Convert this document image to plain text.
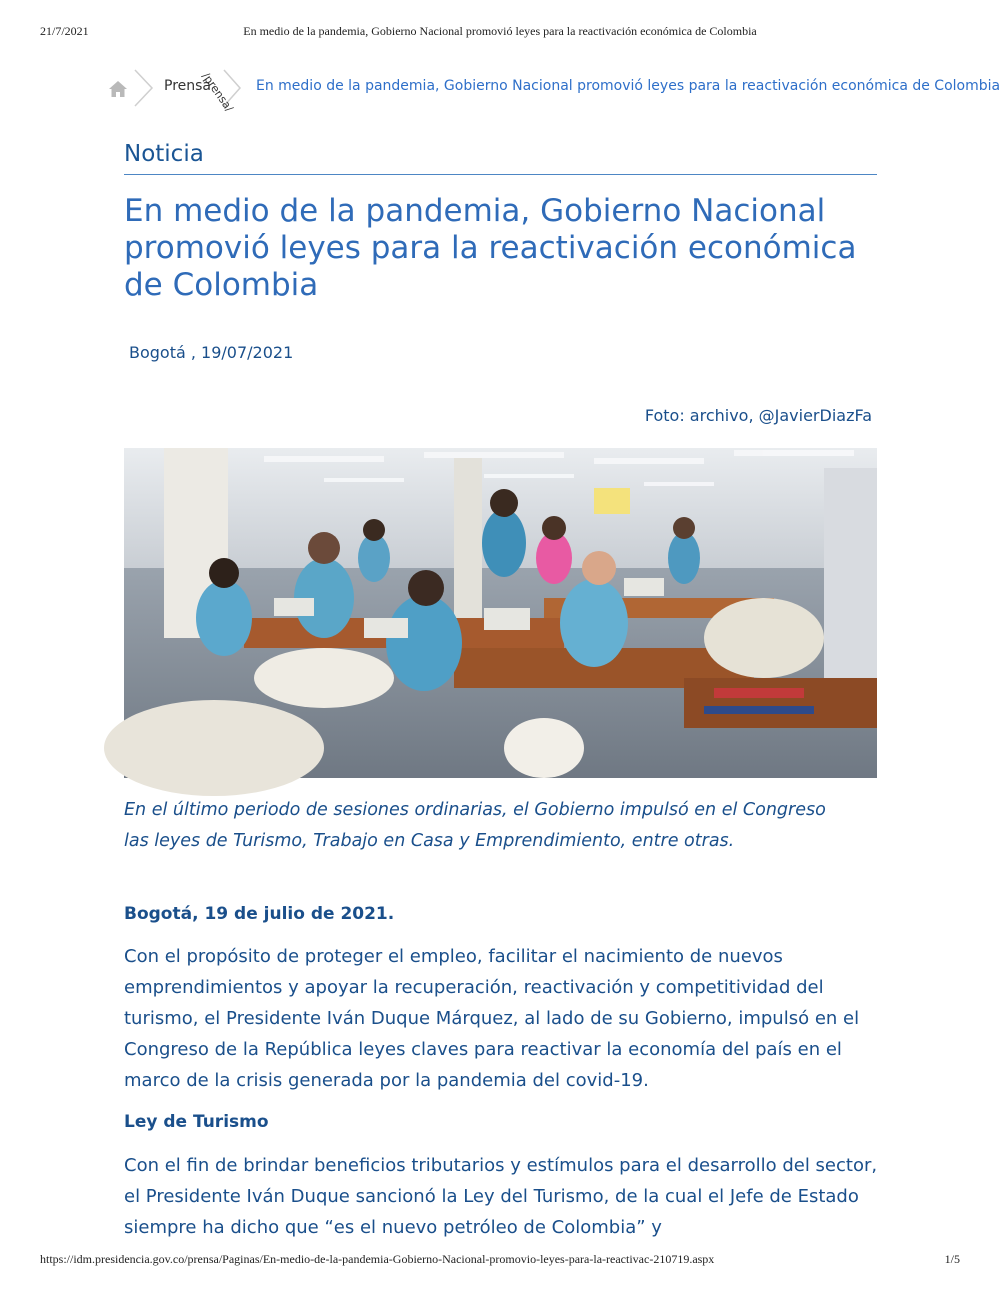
En medio de la pandemia, Gobierno Nacional promovió leyes para la reactivación económica de Colombia
21/7/2021
Prensa
/prensa/ En medio de la pandemia, Gobierno Nacional promovió leyes para la reactivación económica de Colombia
Noticia
En medio de la pandemia, Gobierno Nacional promovió leyes para la reactivación económica de Colombia
Bogotá , 19/07/2021
Foto: archivo, @JavierDiazFa
En el último periodo de sesiones ordinarias, el Gobierno impulsó en el Congreso las leyes de Turismo, Trabajo en Casa y Emprendimiento, entre otras.
Bogotá, 19 de julio de 2021.
Con el propósito de proteger el empleo, facilitar el nacimiento de nuevos emprendimientos y apoyar la recuperación, reactivación y competitividad del turismo, el Presidente Iván Duque Márquez, al lado de su Gobierno, impulsó en el Congreso de la República leyes claves para reactivar la economía del país en el marco de la crisis generada por la pandemia del covid-19.
Ley de Turismo
Con el fin de brindar beneficios tributarios y estímulos para el desarrollo del sector, el Presidente Iván Duque sancionó la Ley del Turismo, de la cual el Jefe de Estado siempre ha dicho que “es el nuevo petróleo de Colombia” y
https://idm.presidencia.gov.co/prensa/Paginas/En-medio-de-la-pandemia-Gobierno-Nacional-promovio-leyes-para-la-reactivac-210719.aspx	1/5
